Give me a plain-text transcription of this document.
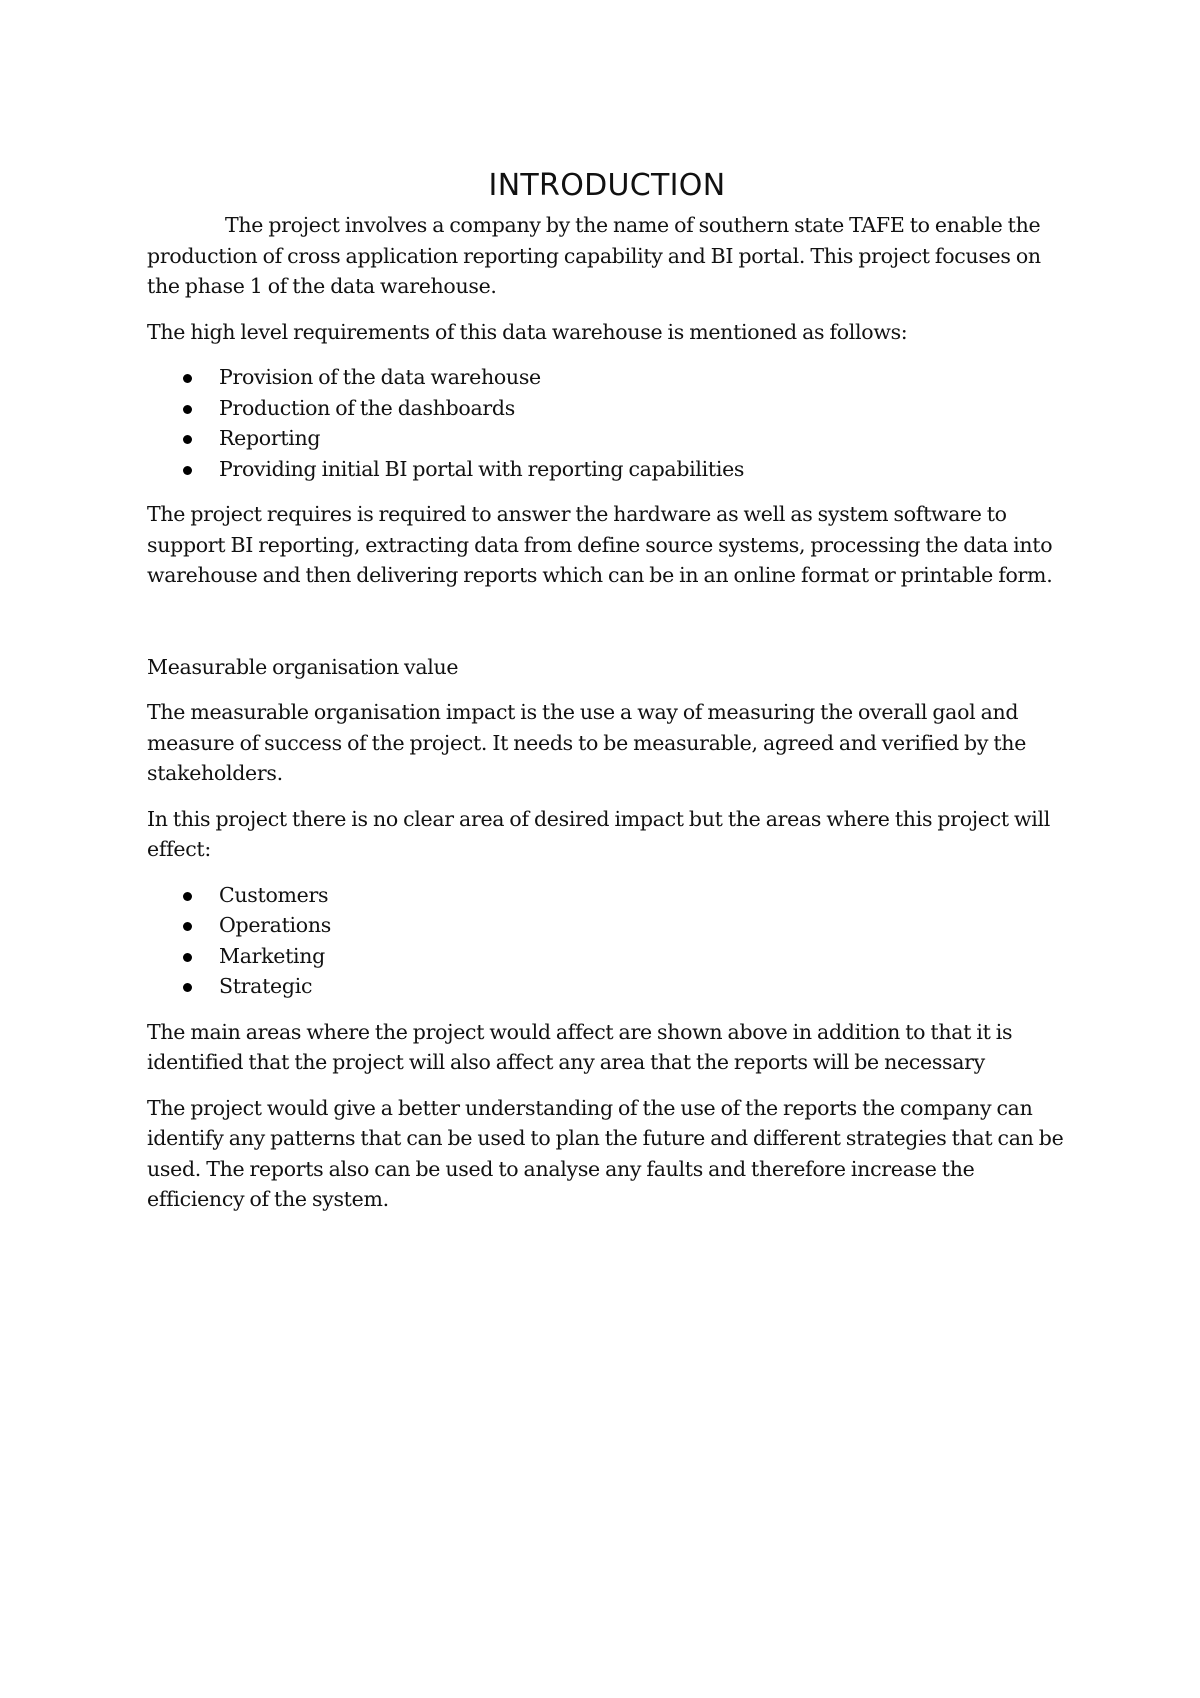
INTRODUCTION

The project involves a company by the name of southern state TAFE to enable the production of cross application reporting capability and BI portal. This project focuses on the phase 1 of the data warehouse.

The high level requirements of this data warehouse is mentioned as follows:

Provision of the data warehouse
Production of the dashboards
Reporting
Providing initial BI portal with reporting capabilities

The project requires is required to answer the hardware as well as system software to support BI reporting, extracting data from define source systems, processing the data into warehouse and then delivering reports which can be in an online format or printable form.

Measurable organisation value

The measurable organisation impact is the use a way of measuring the overall gaol and measure of success of the project. It needs to be measurable, agreed and verified by the stakeholders.

In this project there is no clear area of desired impact but the areas where this project will effect:

Customers
Operations
Marketing
Strategic

The main areas where the project would affect are shown above in addition to that it is identified that the project will also affect any area that the reports will be necessary

The project would give a better understanding of the use of the reports the company can identify any patterns that can be used to plan the future and different strategies that can be used. The reports also can be used to analyse any faults and therefore increase the efficiency of the system.
